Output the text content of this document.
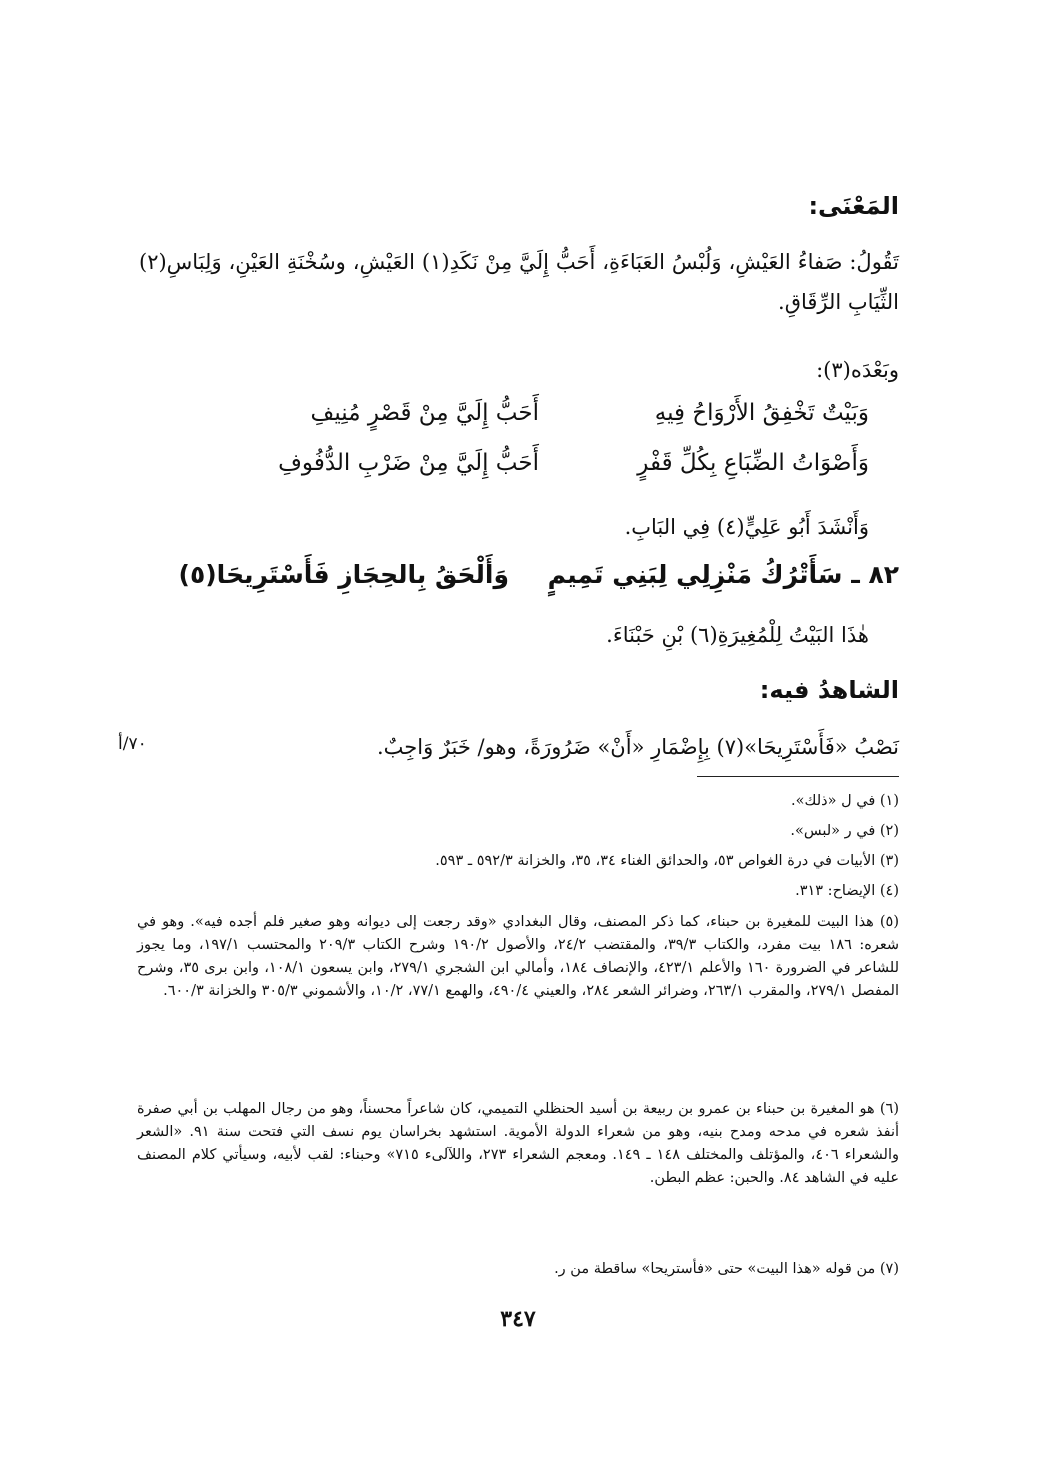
المَعْنَى:
تَقُولُ: صَفاءُ العَيْشِ، وَلُبْسُ العَبَاءَةِ، أَحَبُّ إِلَيَّ مِنْ نَكَدِ(١) العَيْشِ، وسُخْنَةِ العَيْنِ، وَلِبَاسِ(٢) الثِّيَابِ الرِّقَاقِ.
وبَعْدَه(٣):
وَبَيْتٌ تَخْفِقُ الأَرْوَاحُ فِيهِ
أَحَبُّ إِلَيَّ مِنْ قَصْرٍ مُنِيفِ
وَأَصْوَاتُ الضِّبَاعِ بِكُلِّ قَفْرٍ
أَحَبُّ إِلَيَّ مِنْ ضَرْبِ الدُّفُوفِ
وَأَنْشَدَ أَبُو عَلِيٍّ(٤) فِي البَابِ.
٨٢ ـ سَأَتْرُكُ مَنْزِلِي لِبَنِي تَمِيمٍ
وَأَلْحَقُ بِالحِجَازِ فَأَسْتَرِيحَا(٥)
هٰذَا البَيْتُ لِلْمُغِيرَةِ(٦) بْنِ حَبْنَاءَ.
الشاهدُ فيه:
نَصْبُ «فَأَسْتَرِيحَا»(٧) بِإِضْمَارِ «أَنْ» ضَرُورَةً، وهو/ خَبَرٌ وَاجِبٌ.
٧٠/أ
(١) في ل «ذلك».
(٢) في ر «لبس».
(٣) الأبيات في درة الغواص ٥٣، والحدائق الغناء ٣٤، ٣٥، والخزانة ٥٩٢/٣ ـ ٥٩٣.
(٤) الإيضاح: ٣١٣.
(٥) هذا البيت للمغيرة بن حبناء، كما ذكر المصنف، وقال البغدادي «وقد رجعت إلى ديوانه وهو صغير فلم أجده فيه». وهو في شعره: ١٨٦ بيت مفرد، والكتاب ٣٩/٣، والمقتضب ٢٤/٢، والأصول ١٩٠/٢ وشرح الكتاب ٢٠٩/٣ والمحتسب ١٩٧/١، وما يجوز للشاعر في الضرورة ١٦٠ والأعلم ٤٢٣/١، والإنصاف ١٨٤، وأمالي ابن الشجري ٢٧٩/١، وابن يسعون ١٠٨/١، وابن برى ٣٥، وشرح المفصل ٢٧٩/١، والمقرب ٢٦٣/١، وضرائر الشعر ٢٨٤، والعيني ٤٩٠/٤، والهمع ٧٧/١، ١٠/٢، والأشموني ٣٠٥/٣ والخزانة ٦٠٠/٣.
(٦) هو المغيرة بن حبناء بن عمرو بن ربيعة بن أسيد الحنظلي التميمي، كان شاعراً محسناً، وهو من رجال المهلب بن أبي صفرة أنفذ شعره في مدحه ومدح بنيه، وهو من شعراء الدولة الأموية. استشهد بخراسان يوم نسف التي فتحت سنة ٩١. «الشعر والشعراء ٤٠٦، والمؤتلف والمختلف ١٤٨ ـ ١٤٩. ومعجم الشعراء ٢٧٣، واللآلىء ٧١٥» وحبناء: لقب لأبيه، وسيأتي كلام المصنف عليه في الشاهد ٨٤. والحبن: عظم البطن.
(٧) من قوله «هذا البيت» حتى «فأستريحا» ساقطة من ر.
٣٤٧
